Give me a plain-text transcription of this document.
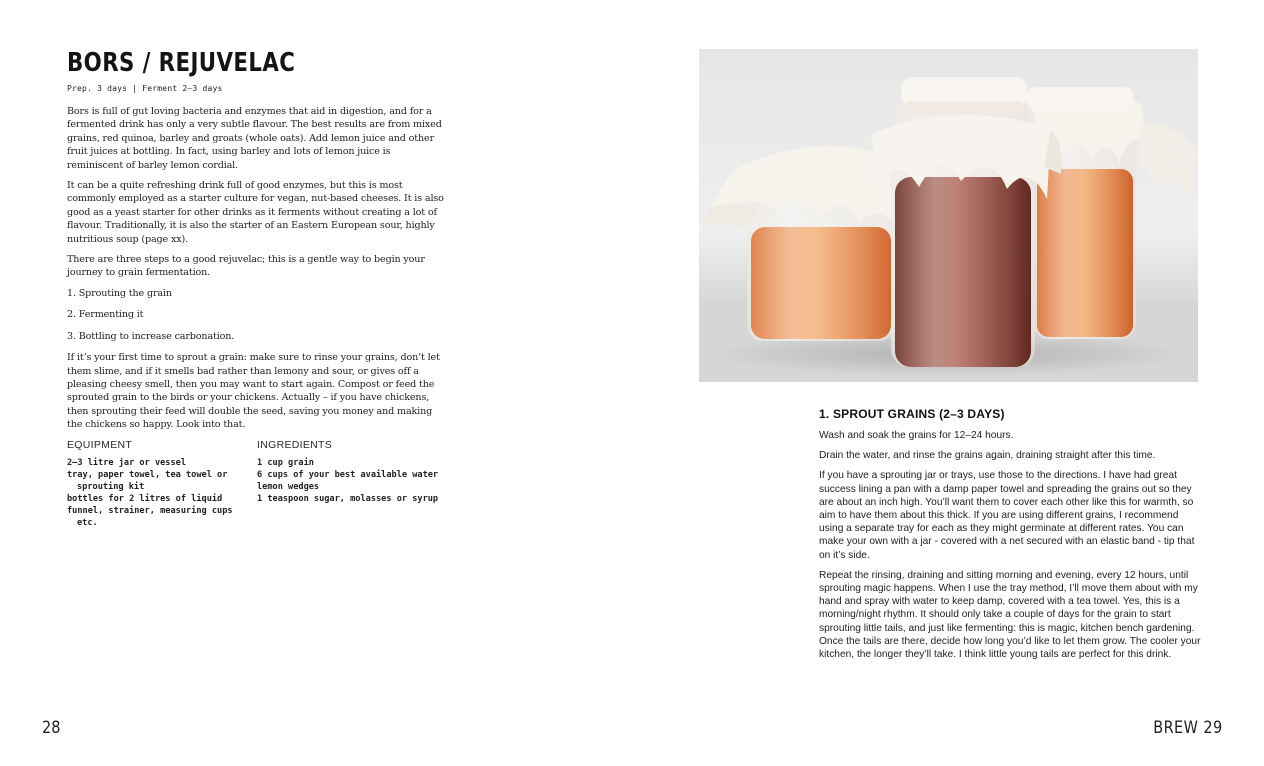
BORS / REJUVELAC
Prep. 3 days | Ferment 2–3 days

Bors is full of gut loving bacteria and enzymes that aid in digestion, and for a fermented drink has only a very subtle flavour. The best results are from mixed grains, red quinoa, barley and groats (whole oats). Add lemon juice and other fruit juices at bottling. In fact, using barley and lots of lemon juice is reminiscent of barley lemon cordial.

It can be a quite refreshing drink full of good enzymes, but this is most commonly employed as a starter culture for vegan, nut-based cheeses. It is also good as a yeast starter for other drinks as it ferments without creating a lot of flavour. Traditionally, it is also the starter of an Eastern European sour, highly nutritious soup (page xx).

There are three steps to a good rejuvelac; this is a gentle way to begin your journey to grain fermentation.

1. Sprouting the grain
2. Fermenting it
3. Bottling to increase carbonation.

If it’s your first time to sprout a grain: make sure to rinse your grains, don’t let them slime, and if it smells bad rather than lemony and sour, or gives off a pleasing cheesy smell, then you may want to start again. Compost or feed the sprouted grain to the birds or your chickens. Actually – if you have chickens, then sprouting their feed will double the seed, saving you money and making the chickens so happy. Look into that.

EQUIPMENT
2–3 litre jar or vessel
tray, paper towel, tea towel or sprouting kit
bottles for 2 litres of liquid
funnel, strainer, measuring cups etc.
INGREDIENTS
1 cup grain
6 cups of your best available water
lemon wedges
1 teaspoon sugar, molasses or syrup
28
1. SPROUT GRAINS (2–3 DAYS)

Wash and soak the grains for 12–24 hours.

Drain the water, and rinse the grains again, draining straight after this time.

If you have a sprouting jar or trays, use those to the directions. I have had great success lining a pan with a damp paper towel and spreading the grains out so they are about an inch high. You’ll want them to cover each other like this for warmth, so aim to have them about this thick. If you are using different grains, I recommend using a separate tray for each as they might germinate at different rates. You can make your own with a jar - covered with a net secured with an elastic band - tip that on it’s side.

Repeat the rinsing, draining and sitting morning and evening, every 12 hours, until sprouting magic happens. When I use the tray method, I’ll move them about with my hand and spray with water to keep damp, covered with a tea towel. Yes, this is a morning/night rhythm. It should only take a couple of days for the grain to start sprouting little tails, and just like fermenting: this is magic, kitchen bench gardening. Once the tails are there, decide how long you’d like to let them grow. The cooler your kitchen, the longer they’ll take. I think little young tails are perfect for this drink.

BREW 29
